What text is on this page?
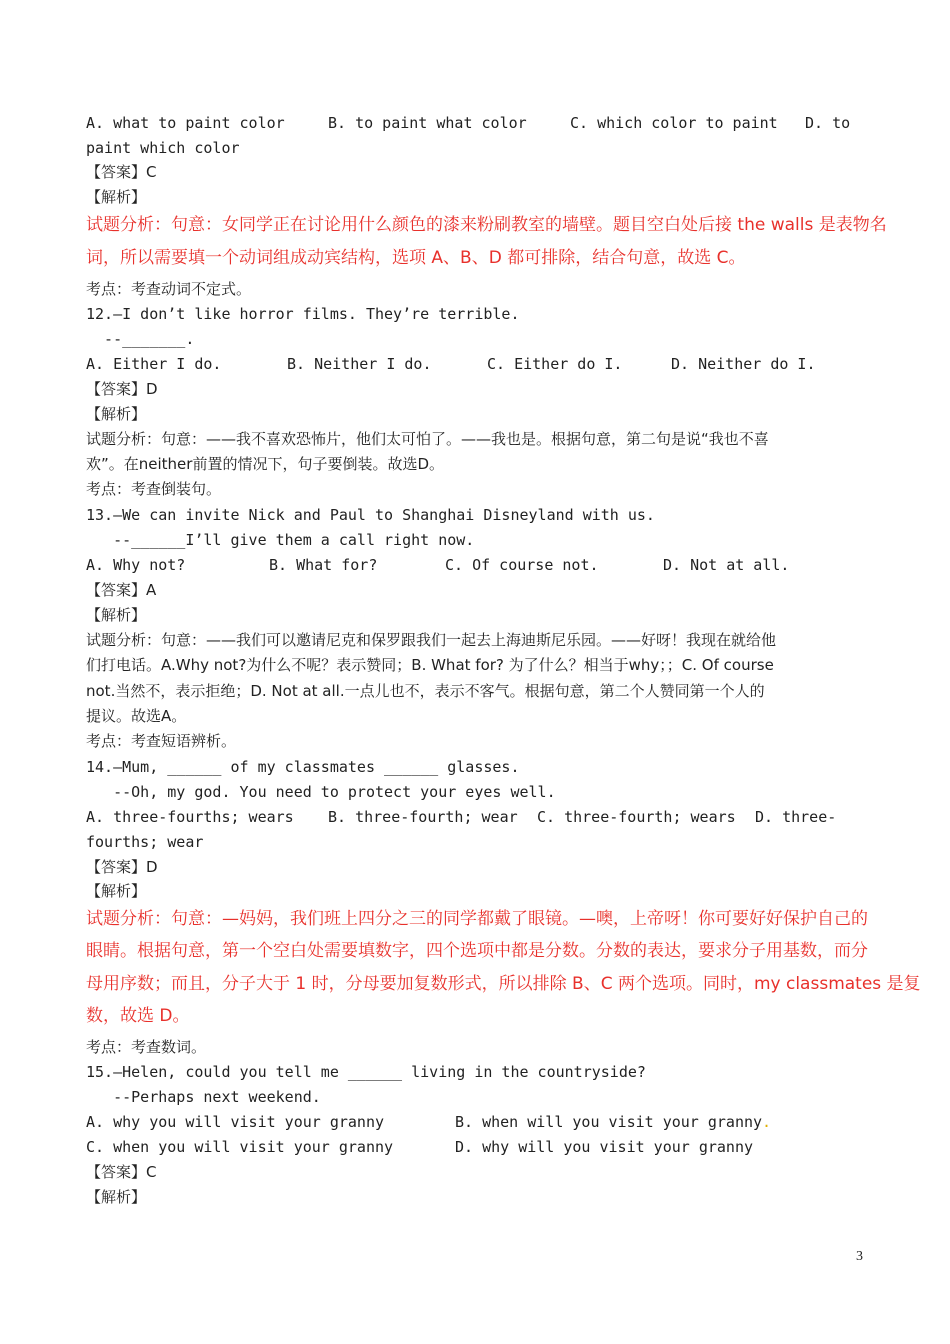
A. what to paint color	B. to paint what color	C. which color to paint D. to
paint which color
【答案】C
【解析】
试题分析：句意：女同学正在讨论用什么颜色的漆来粉刷教室的墙壁。题目空白处后接 the walls 是表物名
词，所以需要填一个动词组成动宾结构，选项 A、B、D 都可排除，结合句意，故选 C。
考点：考查动词不定式。
12.–I don’t like horror films. They’re terrible.
--_______.
A. Either I do.	B. Neither I do.	C. Either do I.	D. Neither do I.
【答案】D
【解析】
试题分析：句意：——我不喜欢恐怖片，他们太可怕了。——我也是。根据句意，第二句是说“我也不喜
欢”。在neither前置的情况下，句子要倒装。故选D。
考点：考查倒装句。
13.–We can invite Nick and Paul to Shanghai Disneyland with us.
--______I’ll give them a call right now.
A. Why not?	B. What for?	C. Of course not.	D. Not at all.
【答案】A
【解析】
试题分析：句意：——我们可以邀请尼克和保罗跟我们一起去上海迪斯尼乐园。——好呀！我现在就给他
们打电话。A.Why not?为什么不呢？表示赞同；B. What for? 为了什么？相当于why；；C. Of course
not.当然不，表示拒绝；D. Not at all.一点儿也不，表示不客气。根据句意，第二个人赞同第一个人的
提议。故选A。
考点：考查短语辨析。
14.–Mum, ______ of my classmates ______ glasses.
--Oh, my god. You need to protect your eyes well.
A. three-fourths; wears B. three-fourth; wear C. three-fourth; wears D. three-
fourths; wear
【答案】D
【解析】
试题分析：句意：—妈妈，我们班上四分之三的同学都戴了眼镜。—噢，上帝呀！你可要好好保护自己的
眼睛。根据句意，第一个空白处需要填数字，四个选项中都是分数。分数的表达，要求分子用基数，而分
母用序数；而且，分子大于 1 时，分母要加复数形式，所以排除 B、C 两个选项。同时，my classmates 是复
数，故选 D。
考点：考查数词。
15.–Helen, could you tell me ______ living in the countryside?
--Perhaps next weekend.
A. why you will visit your granny	B. when will you visit your granny.
C. when you will visit your granny	D. why will you visit your granny
【答案】C
【解析】
3
